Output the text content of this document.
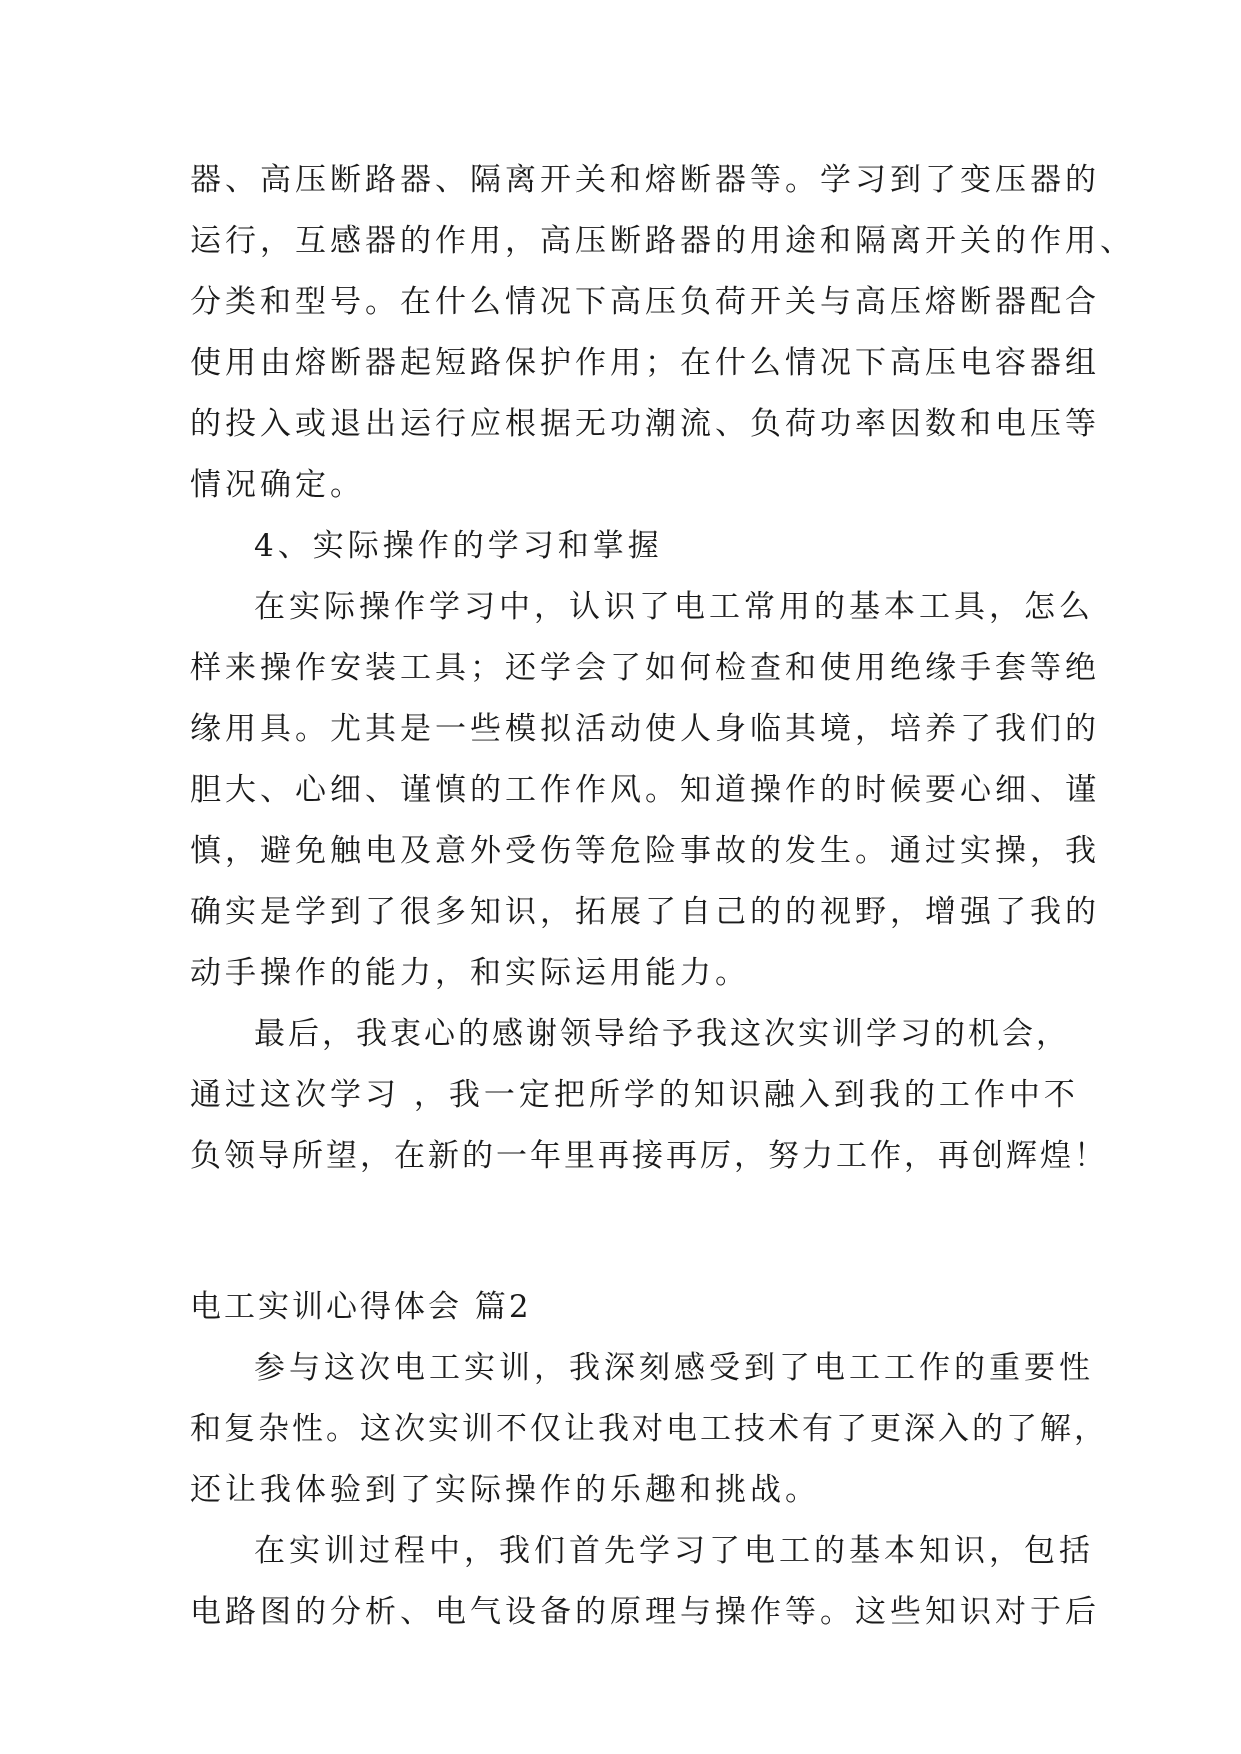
器、高压断路器、隔离开关和熔断器等。学习到了变压器的
运行，互感器的作用，高压断路器的用途和隔离开关的作用、
分类和型号。在什么情况下高压负荷开关与高压熔断器配合
使用由熔断器起短路保护作用；在什么情况下高压电容器组
的投入或退出运行应根据无功潮流、负荷功率因数和电压等
情况确定。
4、实际操作的学习和掌握
在实际操作学习中，认识了电工常用的基本工具，怎么
样来操作安装工具；还学会了如何检查和使用绝缘手套等绝
缘用具。尤其是一些模拟活动使人身临其境，培养了我们的
胆大、心细、谨慎的工作作风。知道操作的时候要心细、谨
慎，避免触电及意外受伤等危险事故的发生。通过实操，我
确实是学到了很多知识，拓展了自己的的视野，增强了我的
动手操作的能力，和实际运用能力。
最后，我衷心的感谢领导给予我这次实训学习的机会，
通过这次学习 ，我一定把所学的知识融入到我的工作中不
负领导所望，在新的一年里再接再厉，努力工作，再创辉煌！
电工实训心得体会 篇2
参与这次电工实训，我深刻感受到了电工工作的重要性
和复杂性。这次实训不仅让我对电工技术有了更深入的了解，
还让我体验到了实际操作的乐趣和挑战。
在实训过程中，我们首先学习了电工的基本知识，包括
电路图的分析、电气设备的原理与操作等。这些知识对于后
